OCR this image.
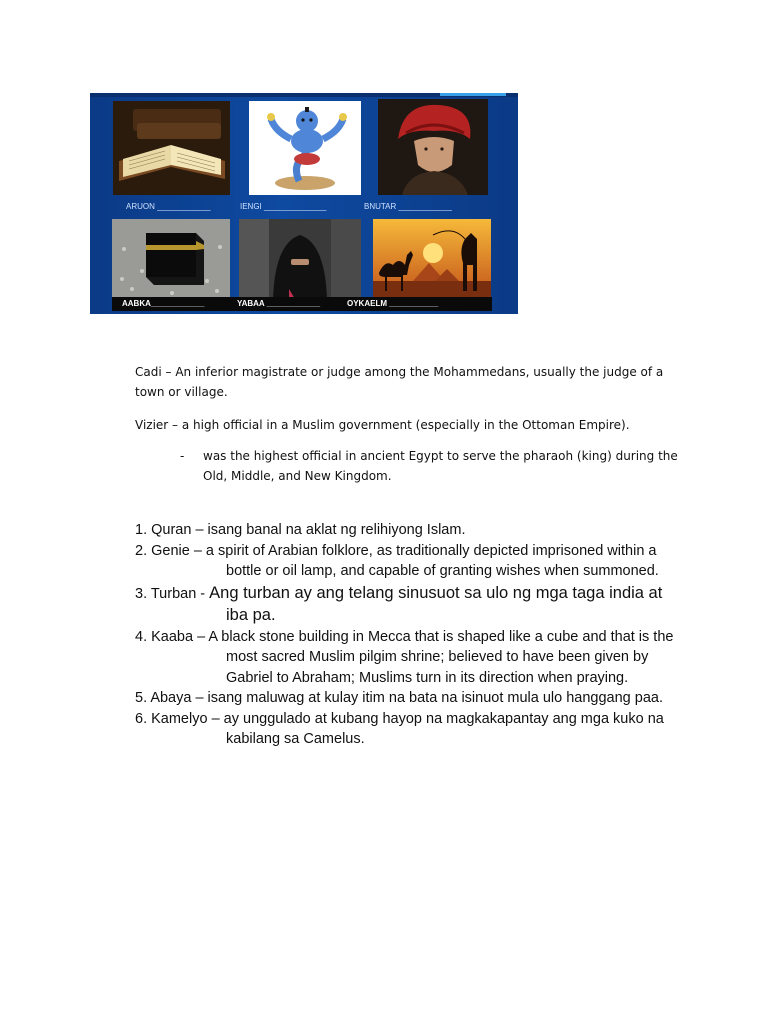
ARUON ____________	IENGI ______________	BNUTAR ____________
AABKA____________	YABAA ____________	OYKAELM ___________

Cadi – An inferior magistrate or judge among the Mohammedans, usually the judge of a town or village.

Vizier – a high official in a Muslim government (especially in the Ottoman Empire).

- was the highest official in ancient Egypt to serve the pharaoh (king) during the Old, Middle, and New Kingdom.
1. Quran – isang banal na aklat ng relihiyong Islam.
2. Genie – a spirit of Arabian folklore, as traditionally depicted imprisoned within a bottle or oil lamp, and capable of granting wishes when summoned.
3. Turban - Ang turban ay ang telang sinusuot sa ulo ng mga taga india at iba pa.
4. Kaaba – A black stone building in Mecca that is shaped like a cube and that is the most sacred Muslim pilgim shrine; believed to have been given by Gabriel to Abraham; Muslims turn in its direction when praying.
5. Abaya – isang maluwag at kulay itim na bata na isinuot mula ulo hanggang paa.
6. Kamelyo – ay unggulado at kubang hayop na magkakapantay ang mga kuko na kabilang sa Camelus.
